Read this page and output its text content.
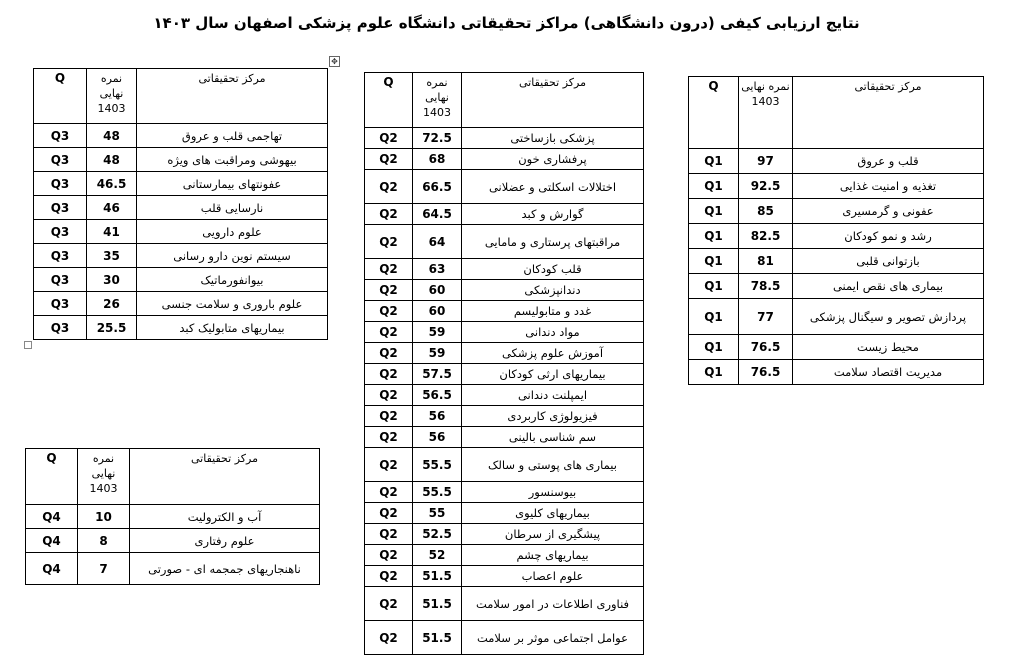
نتایج ارزیابی کیفی (درون دانشگاهی) مراکز تحقیقاتی دانشگاه علوم پزشکی اصفهان سال ۱۴۰۳
✥
Q	نمره نهایی 1403	مرکز تحقیقاتی
Q3	48	تهاجمی قلب و عروق
Q3	48	بیهوشی ومراقبت های ویژه
Q3	46.5	عفونتهای بیمارستانی
Q3	46	نارسایی قلب
Q3	41	علوم دارویی
Q3	35	سیستم نوین دارو رسانی
Q3	30	بیوانفورماتیک
Q3	26	علوم باروری و سلامت جنسی
Q3	25.5	بیماریهای متابولیک کبد
Q	نمره نهایی 1403	مرکز تحقیقاتی
Q2	72.5	پزشکی بازساختی
Q2	68	پرفشاری خون
Q2	66.5	اختلالات اسکلتی و عضلانی
Q2	64.5	گوارش و کبد
Q2	64	مراقبتهای پرستاری و مامایی
Q2	63	قلب کودکان
Q2	60	دندانپزشکی
Q2	60	غدد و متابولیسم
Q2	59	مواد دندانی
Q2	59	آموزش علوم پزشکی
Q2	57.5	بیماریهای ارثی کودکان
Q2	56.5	ایمپلنت دندانی
Q2	56	فیزیولوژی کاربردی
Q2	56	سم شناسی بالینی
Q2	55.5	بیماری های پوستی و سالک
Q2	55.5	بیوسنسور
Q2	55	بیماریهای کلیوی
Q2	52.5	پیشگیری از سرطان
Q2	52	بیماریهای چشم
Q2	51.5	علوم اعصاب
Q2	51.5	فناوری اطلاعات در امور سلامت
Q2	51.5	عوامل اجتماعی موثر بر سلامت
Q	نمره نهایی 1403	مرکز تحقیقاتی
Q1	97	قلب و عروق
Q1	92.5	تغذیه و امنیت غذایی
Q1	85	عفونی و گرمسیری
Q1	82.5	رشد و نمو کودکان
Q1	81	بازتوانی قلبی
Q1	78.5	بیماری های نقص ایمنی
Q1	77	پردازش تصویر و سیگنال پزشکی
Q1	76.5	محیط زیست
Q1	76.5	مدیریت اقتصاد سلامت
Q	نمره نهایی 1403	مرکز تحقیقاتی
Q4	10	آب و الکترولیت
Q4	8	علوم رفتاری
Q4	7	ناهنجاریهای جمجمه ای - صورتی
